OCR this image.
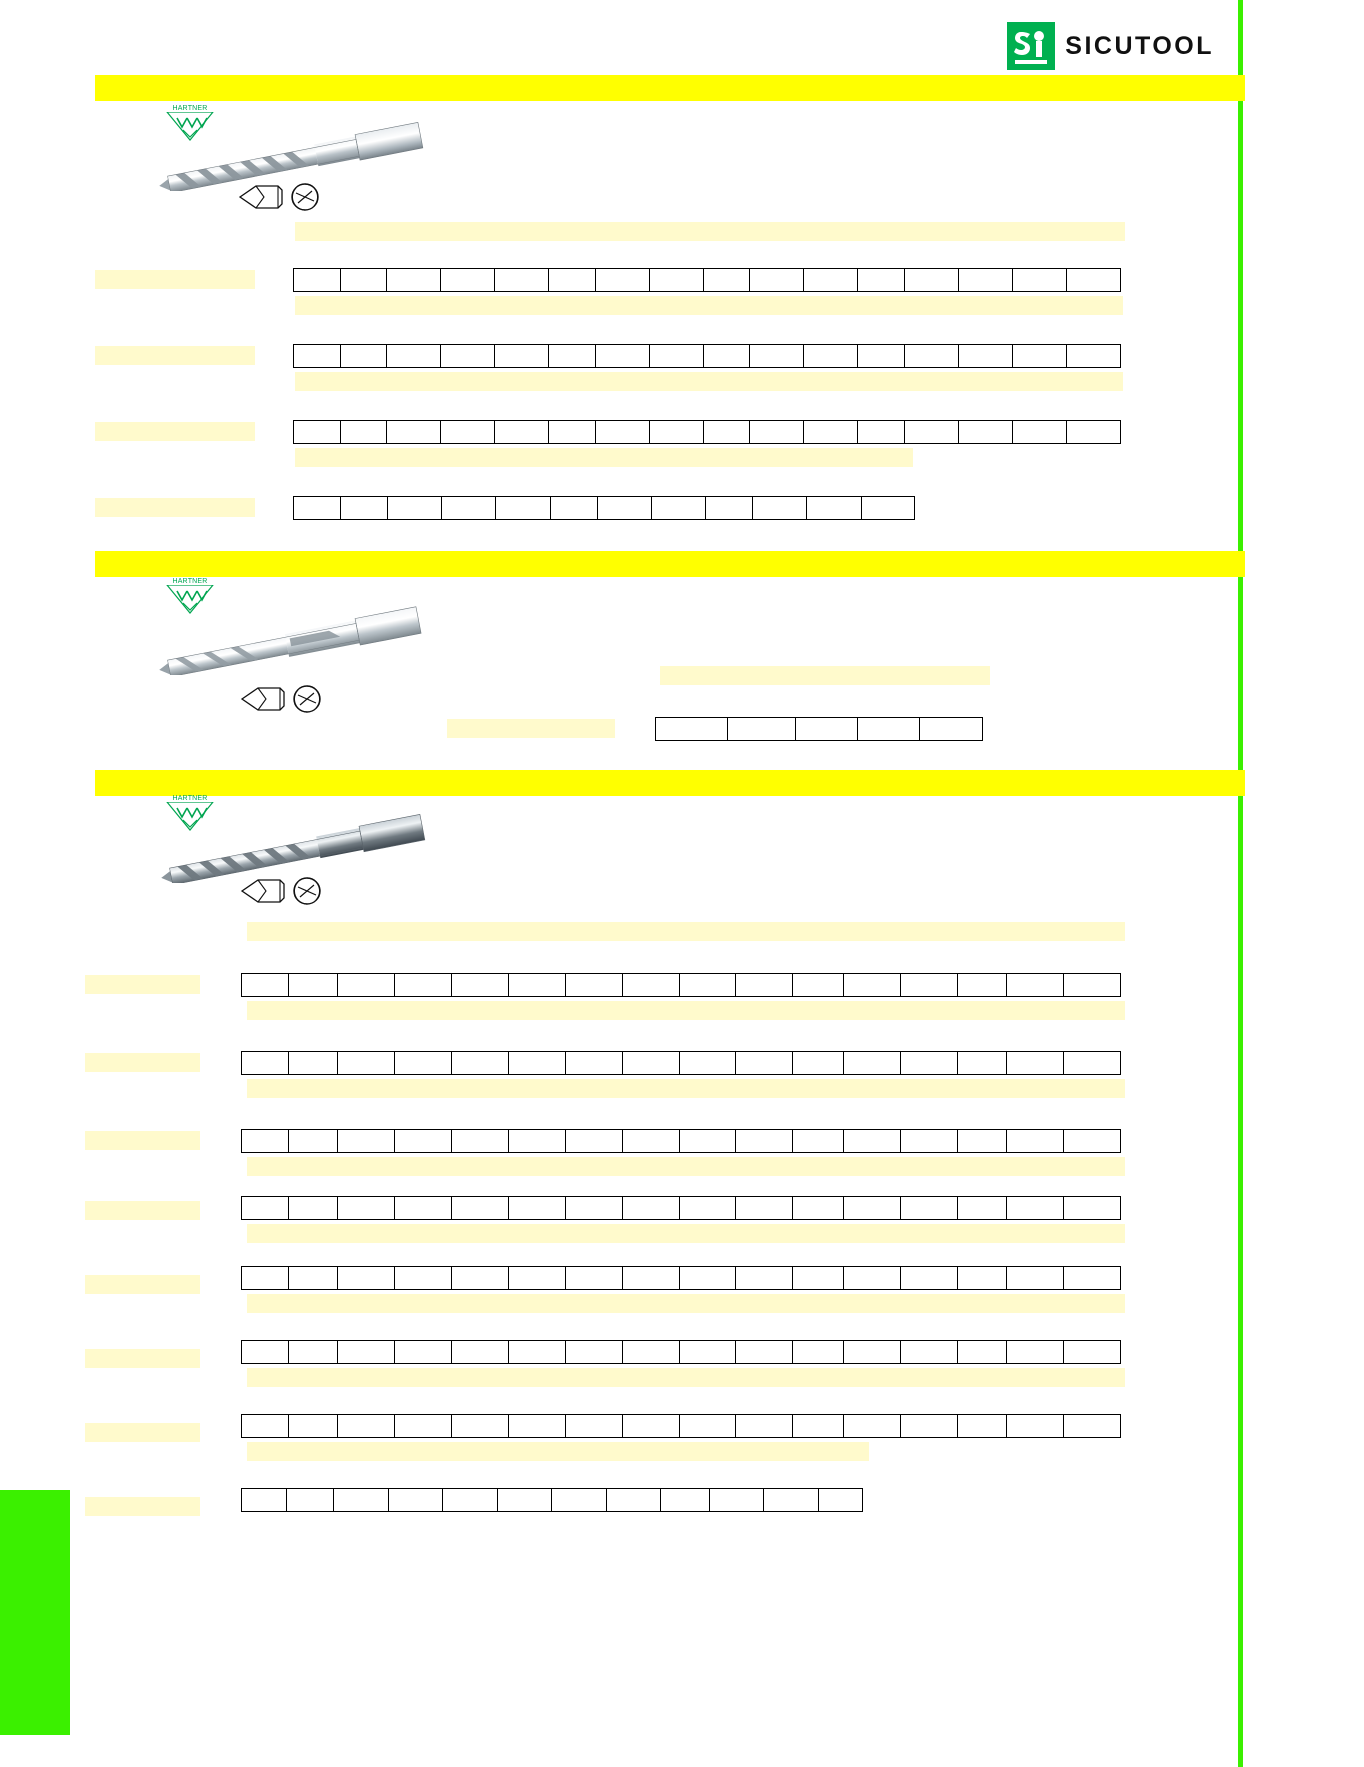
SICUTOOL
HARTNER
HARTNER
HARTNER
